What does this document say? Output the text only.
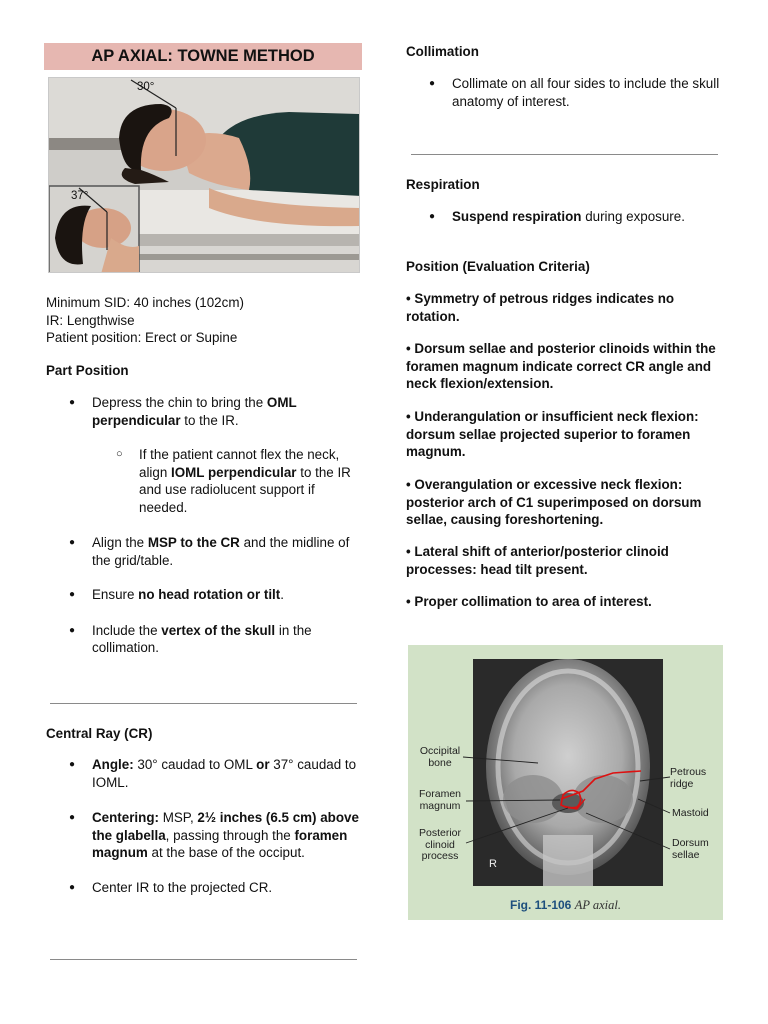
AP AXIAL: TOWNE METHOD
30°
37°
Minimum SID: 40 inches (102cm)
IR: Lengthwise
Patient position: Erect or Supine
Part Position
● Depress the chin to bring the OML perpendicular to the IR.
○ If the patient cannot flex the neck, align IOML perpendicular to the IR and use radiolucent support if needed.
● Align the MSP to the CR and the midline of the grid/table.
● Ensure no head rotation or tilt.
● Include the vertex of the skull in the collimation.
Central Ray (CR)
● Angle: 30° caudad to OML or 37° caudad to IOML.
● Centering: MSP, 2½ inches (6.5 cm) above the glabella, passing through the foramen magnum at the base of the occiput.
● Center IR to the projected CR.
Collimation
● Collimate on all four sides to include the skull anatomy of interest.
Respiration
● Suspend respiration during exposure.
Position (Evaluation Criteria)
• Symmetry of petrous ridges indicates no rotation.
• Dorsum sellae and posterior clinoids within the foramen magnum indicate correct CR angle and neck flexion/extension.
• Underangulation or insufficient neck flexion: dorsum sellae projected superior to foramen magnum.
• Overangulation or excessive neck flexion: posterior arch of C1 superimposed on dorsum sellae, causing foreshortening.
• Lateral shift of anterior/posterior clinoid processes: head tilt present.
• Proper collimation to area of interest.
R
Occipital bone
Foramen magnum
Posterior clinoid process
Petrous ridge
Mastoid
Dorsum sellae
Fig. 11-106 AP axial.
